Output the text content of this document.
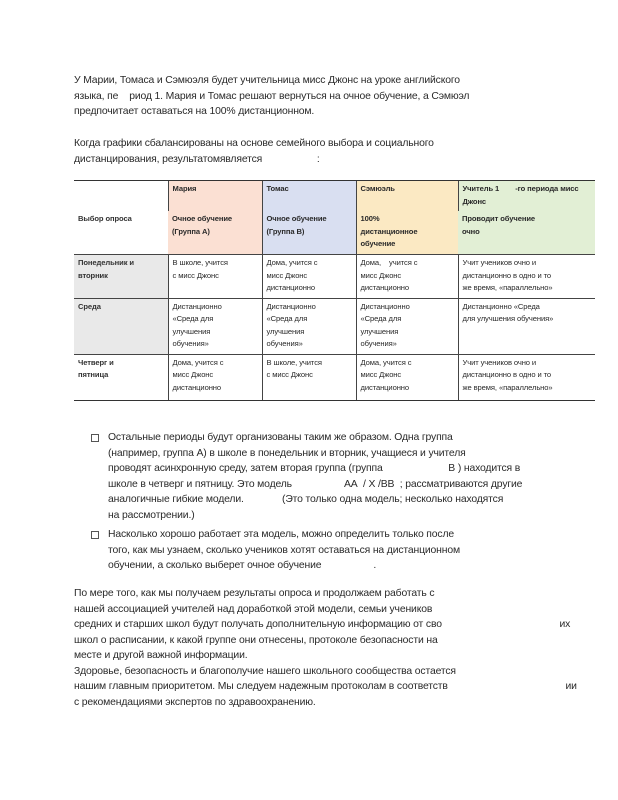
У Марии, Томаса и Сэмюэля будет учительница мисс Джонс на уроке английского
языка, пе    риод 1. Мария и Томас решают вернуться на очное обучение, а Сэмюэл
предпочитает оставаться на 100% дистанционном.
Когда графики сбалансированы на основе семейного выбора и социального
дистанцирования, результатомявляется                    :
	Мария	Томас	Сэмюэль	Учитель 1        -го периода мисс
Джонс
Выбор опроса	Очное обучение
(Группа А)	Очное обучение
(Группа В)	100%
дистанционное
обучение	Проводит обучение
очно
Понедельник и
вторник	В школе, учится
с мисс Джонс	Дома, учится с
мисс Джонс
дистанционно	Дома,    учится с
мисс Джонс
дистанционно	Учит учеников очно и
дистанционно в одно и то
же время, «параллельно»
Среда	Дистанционно
«Среда для
улучшения
обучения»	Дистанционно
«Среда для
улучшения
обучения»	Дистанционно
«Среда для
улучшения
обучения»	Дистанционно «Среда
для улучшения обучения»
Четверг и
пятница	Дома, учится с
мисс Джонс
дистанционно	В школе, учится
с мисс Джонс	Дома, учится с
мисс Джонс
дистанционно	Учит учеников очно и
дистанционно в одно и то
же время, «параллельно»
Остальные периоды будут организованы таким же образом. Одна группа
(например, группа А) в школе в понедельник и вторник, учащиеся и учителя
проводят асинхронную среду, затем вторая группа (группа                        В ) находится в
школе в четверг и пятницу. Это модель                   АА  / X /ВВ  ; рассматриваются другие
аналогичные гибкие модели.              (Это только одна модель; несколько находятся
на рассмотрении.)
Насколько хорошо работает эта модель, можно определить только после
того, как мы узнаем, сколько учеников хотят оставаться на дистанционном
обучении, а сколько выберет очное обучение                   .
По мере того, как мы получаем результаты опроса и продолжаем работать с
нашей ассоциацией учителей над доработкой этой модели, семьи учеников
средних и старших школ будут получать дополнительную информацию от сво                                           их
школ о расписании, к какой группе они отнесены, протоколе безопасности на
месте и другой важной информации.
Здоровье, безопасность и благополучие нашего школьного сообщества остается
нашим главным приоритетом. Мы следуем надежным протоколам в соответств                                           ии
с рекомендациями экспертов по здравоохранению.
